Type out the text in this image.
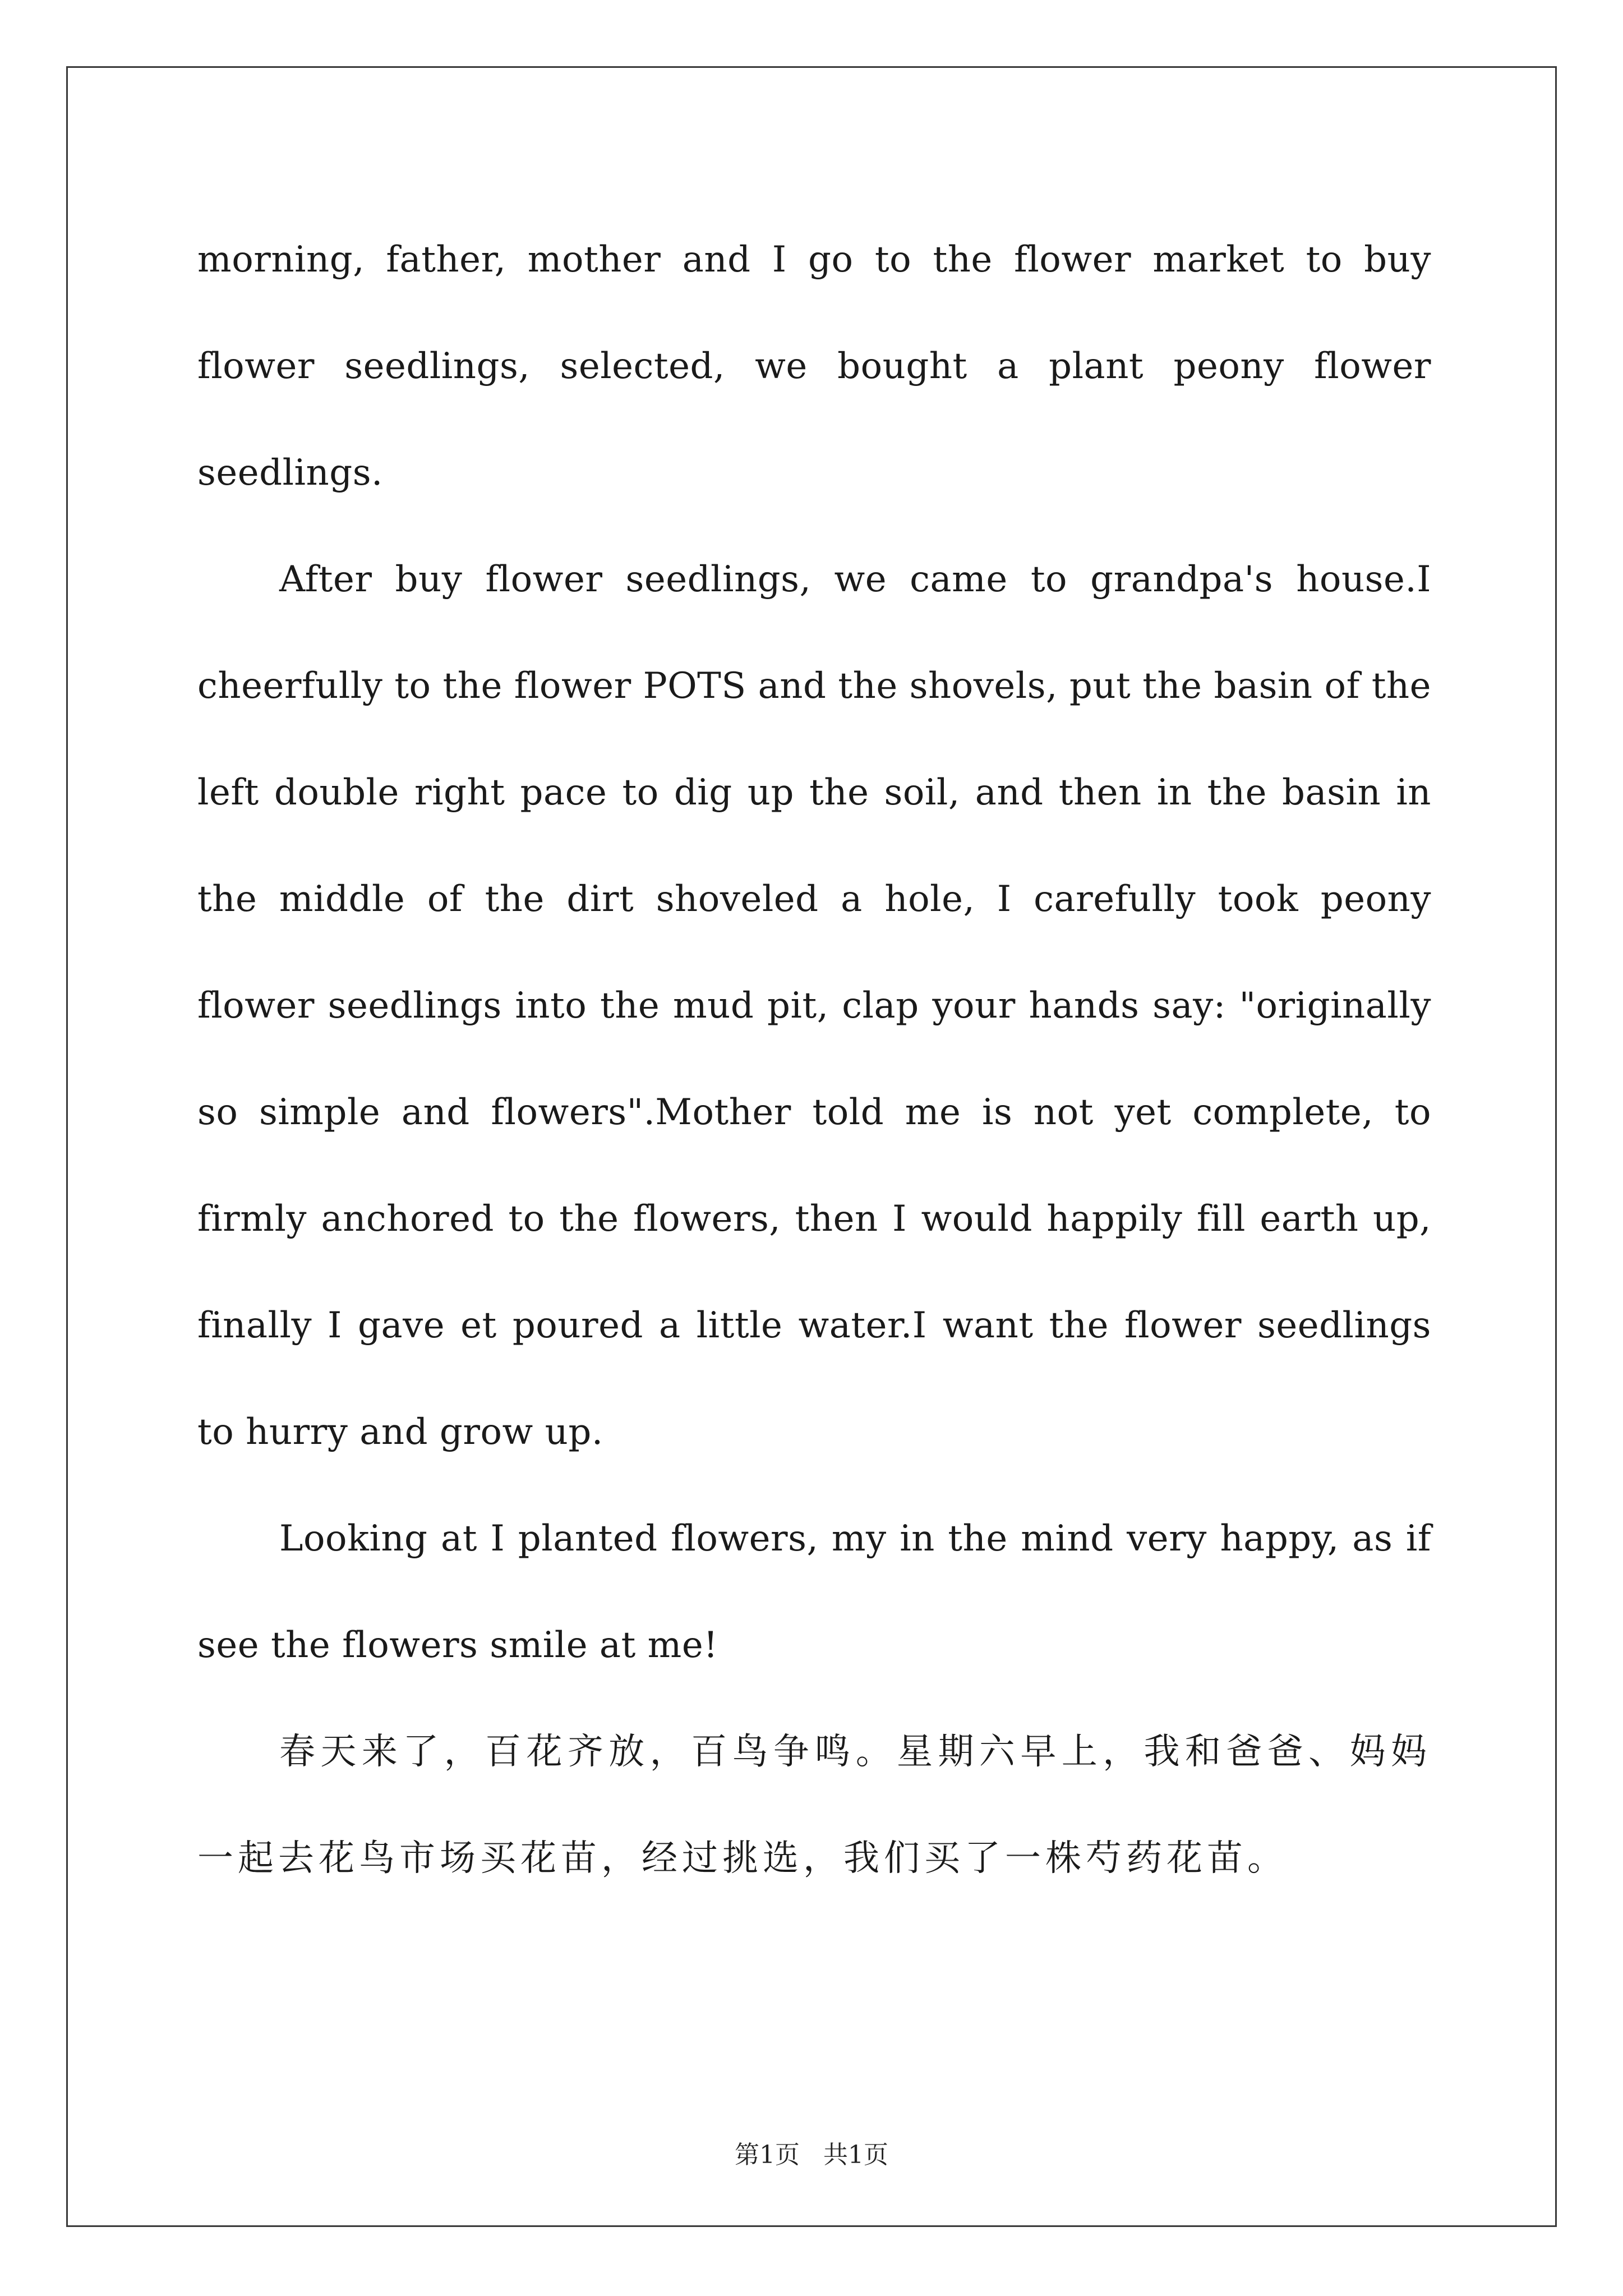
morning, father, mother and I go to the flower market to buy flower seedlings, selected, we bought a plant peony flower seedlings.

After buy flower seedlings, we came to grandpa's house.I cheerfully to the flower POTS and the shovels, put the basin of the left double right pace to dig up the soil, and then in the basin in the middle of the dirt shoveled a hole, I carefully took peony flower seedlings into the mud pit, clap your hands say: "originally so simple and flowers".Mother told me is not yet complete, to firmly anchored to the flowers, then I would happily fill earth up, finally I gave et poured a little water.I want the flower seedlings to hurry and grow up.

Looking at I planted flowers, my in the mind very happy, as if see the flowers smile at me!

春天来了，百花齐放，百鸟争鸣。星期六早上，我和爸爸、妈妈一起去花鸟市场买花苗，经过挑选，我们买了一株芍药花苗。

第1页 共1页
